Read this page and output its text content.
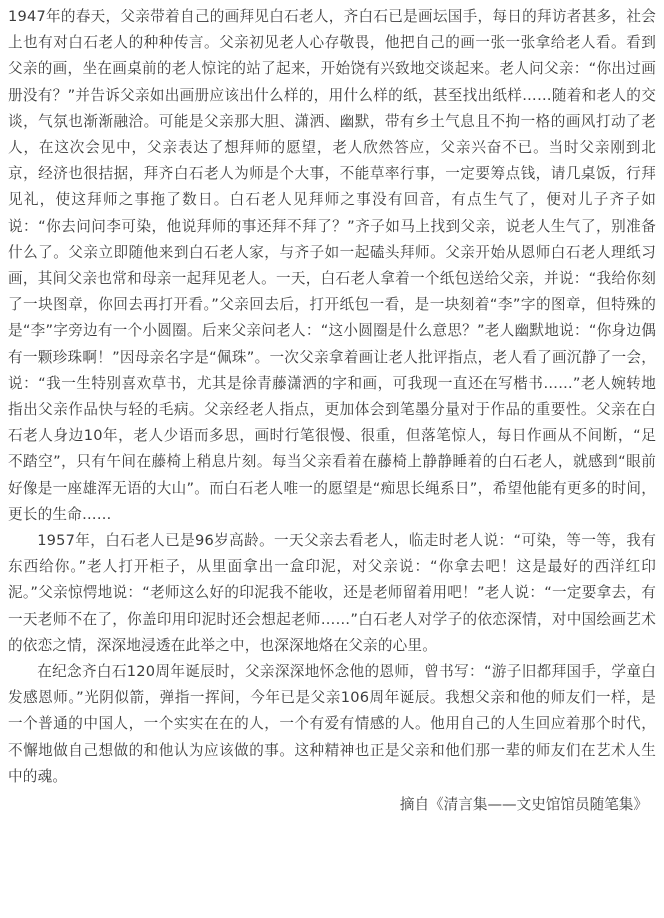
1947年的春天，父亲带着自己的画拜见白石老人，齐白石已是画坛国手，每日的拜访者甚多，社会上也有对白石老人的种种传言。父亲初见老人心存敬畏，他把自己的画一张一张拿给老人看。看到父亲的画，坐在画桌前的老人惊诧的站了起来，开始饶有兴致地交谈起来。老人问父亲：“你出过画册没有？”并告诉父亲如出画册应该出什么样的，用什么样的纸，甚至找出纸样……随着和老人的交谈，气氛也渐渐融洽。可能是父亲那大胆、潇洒、幽默，带有乡土气息且不拘一格的画风打动了老人，在这次会见中，父亲表达了想拜师的愿望，老人欣然答应，父亲兴奋不已。当时父亲刚到北京，经济也很拮据，拜齐白石老人为师是个大事，不能草率行事，一定要筹点钱，请几桌饭，行拜见礼，使这拜师之事拖了数日。白石老人见拜师之事没有回音，有点生气了，便对儿子齐子如说：“你去问问李可染，他说拜师的事还拜不拜了？”齐子如马上找到父亲，说老人生气了，别准备什么了。父亲立即随他来到白石老人家，与齐子如一起磕头拜师。父亲开始从恩师白石老人理纸习画，其间父亲也常和母亲一起拜见老人。一天，白石老人拿着一个纸包送给父亲，并说：“我给你刻了一块图章，你回去再打开看。”父亲回去后，打开纸包一看，是一块刻着“李”字的图章，但特殊的是“李”字旁边有一个小圆圈。后来父亲问老人：“这小圆圈是什么意思？”老人幽默地说：“你身边偶有一颗珍珠啊！”因母亲名字是“佩珠”。一次父亲拿着画让老人批评指点，老人看了画沉静了一会，说：“我一生特别喜欢草书，尤其是徐青藤潇洒的字和画，可我现一直还在写楷书……”老人婉转地指出父亲作品快与轻的毛病。父亲经老人指点，更加体会到笔墨分量对于作品的重要性。父亲在白石老人身边10年，老人少语而多思，画时行笔很慢、很重，但落笔惊人，每日作画从不间断，“足不踏空”，只有午间在藤椅上稍息片刻。每当父亲看着在藤椅上静静睡着的白石老人，就感到“眼前好像是一座雄浑无语的大山”。而白石老人唯一的愿望是“痴思长绳系日”，希望他能有更多的时间，更长的生命……

1957年，白石老人已是96岁高龄。一天父亲去看老人，临走时老人说：“可染，等一等，我有东西给你。”老人打开柜子，从里面拿出一盒印泥，对父亲说：“你拿去吧！这是最好的西洋红印泥。”父亲惊愕地说：“老师这么好的印泥我不能收，还是老师留着用吧！”老人说：“一定要拿去，有一天老师不在了，你盖印用印泥时还会想起老师……”白石老人对学子的依恋深情，对中国绘画艺术的依恋之情，深深地浸透在此举之中，也深深地烙在父亲的心里。

在纪念齐白石120周年诞辰时，父亲深深地怀念他的恩师，曾书写：“游子旧都拜国手，学童白发感恩师。”光阴似箭，弹指一挥间，今年已是父亲106周年诞辰。我想父亲和他的师友们一样，是一个普通的中国人，一个实实在在的人，一个有爱有情感的人。他用自己的人生回应着那个时代，不懈地做自己想做的和他认为应该做的事。这种精神也正是父亲和他们那一辈的师友们在艺术人生中的魂。

摘自《清言集——文史馆馆员随笔集》
